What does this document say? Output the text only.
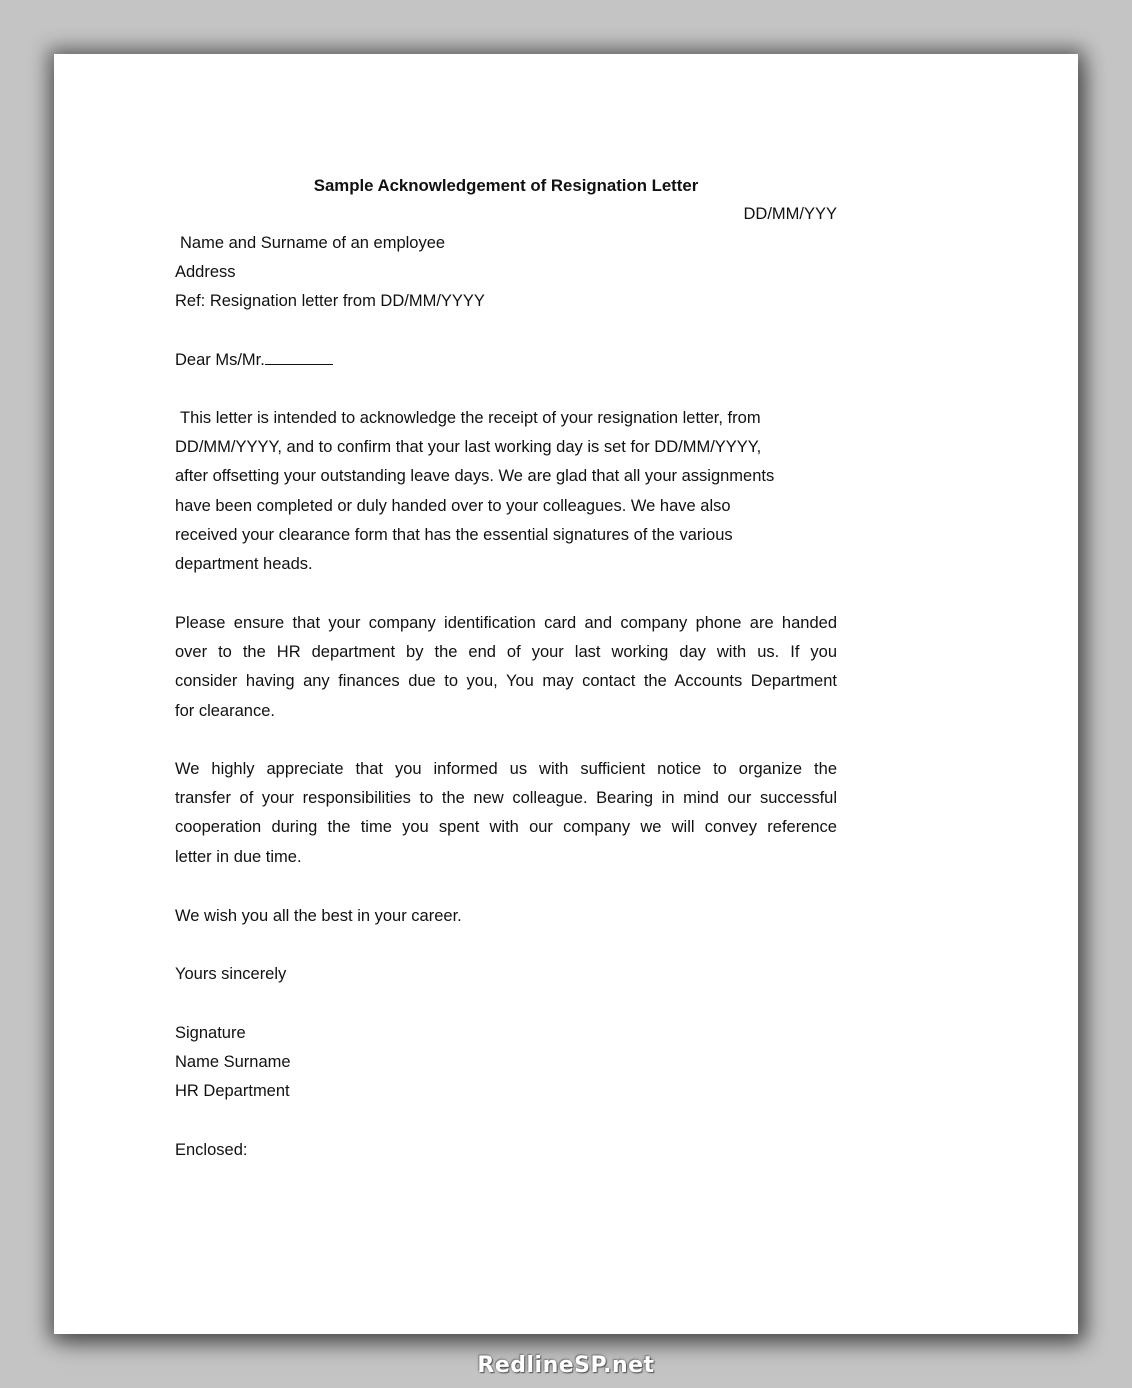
Sample Acknowledgement of Resignation Letter
DD/MM/YYY
Name and Surname of an employee
Address
Ref: Resignation letter from DD/MM/YYYY
Dear Ms/Mr.
This letter is intended to acknowledge the receipt of your resignation letter, from
DD/MM/YYYY, and to confirm that your last working day is set for DD/MM/YYYY,
after offsetting your outstanding leave days. We are glad that all your assignments
have been completed or duly handed over to your colleagues. We have also
received your clearance form that has the essential signatures of the various
department heads.
Please ensure that your company identification card and company phone are handed
over to the HR department by the end of your last working day with us. If you
consider having any finances due to you, You may contact the Accounts Department
for clearance.
We highly appreciate that you informed us with sufficient notice to organize the
transfer of your responsibilities to the new colleague. Bearing in mind our successful
cooperation during the time you spent with our company we will convey reference
letter in due time.
We wish you all the best in your career.
Yours sincerely
Signature
Name Surname
HR Department
Enclosed:
RedlineSP.net
